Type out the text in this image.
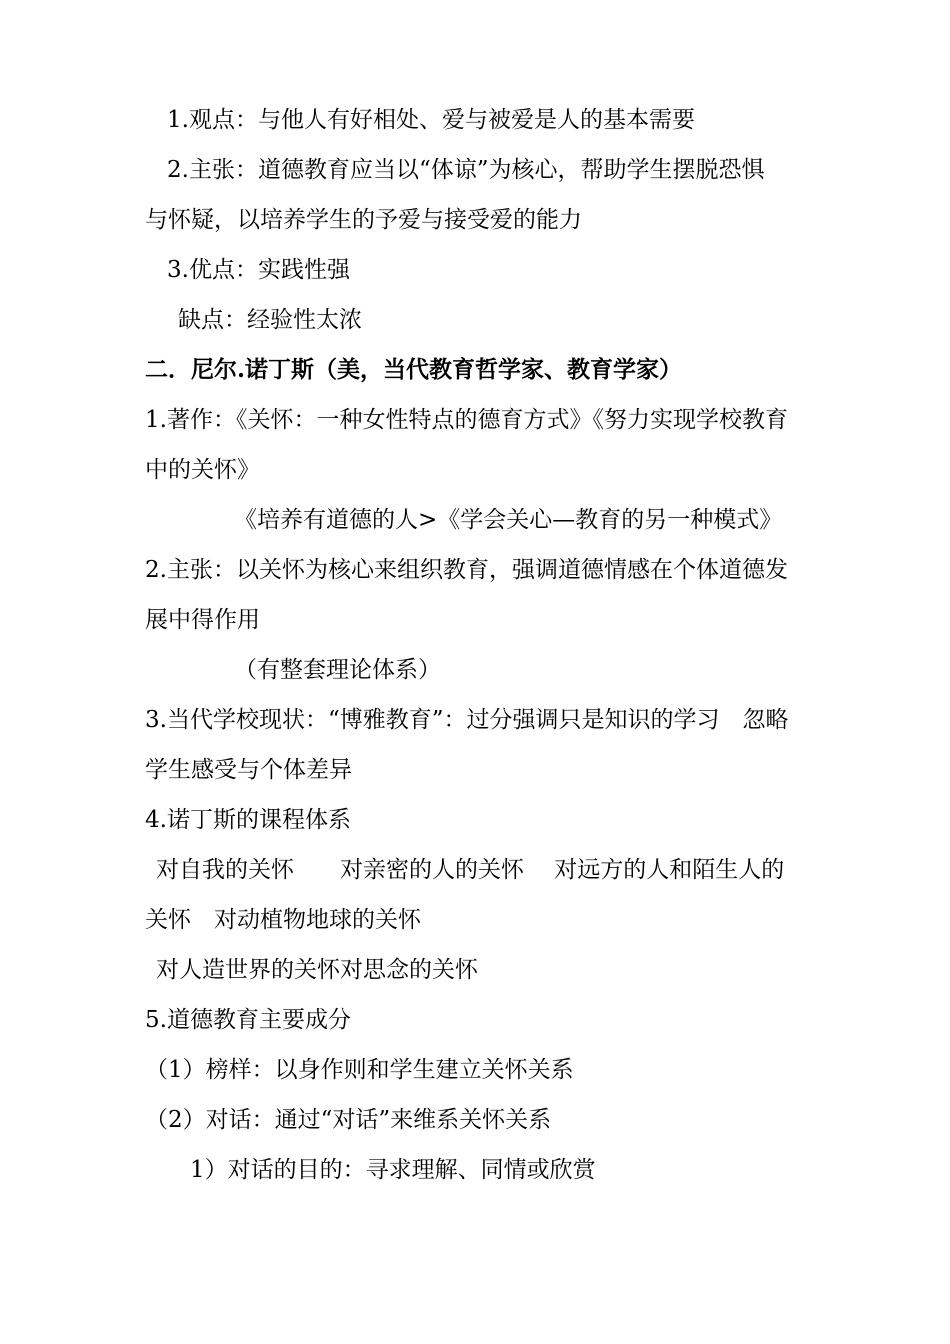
1.观点：与他人有好相处、爱与被爱是人的基本需要
2.主张：道德教育应当以“体谅”为核心，帮助学生摆脱恐惧
与怀疑，以培养学生的予爱与接受爱的能力
3.优点：实践性强
缺点：经验性太浓
二．尼尔.诺丁斯（美，当代教育哲学家、教育学家）
1.著作：《关怀：一种女性特点的德育方式》《努力实现学校教育
中的关怀》
《培养有道德的人>《学会关心—教育的另一种模式》
2.主张：以关怀为核心来组织教育，强调道德情感在个体道德发
展中得作用
（有整套理论体系）
3.当代学校现状：“博雅教育”：过分强调只是知识的学习　忽略
学生感受与个体差异
4.诺丁斯的课程体系
对自我的关怀　　对亲密的人的关怀　 对远方的人和陌生人的
关怀　对动植物地球的关怀
对人造世界的关怀对思念的关怀
5.道德教育主要成分
（1）榜样：以身作则和学生建立关怀关系
（2）对话：通过“对话”来维系关怀关系
1）对话的目的：寻求理解、同情或欣赏
